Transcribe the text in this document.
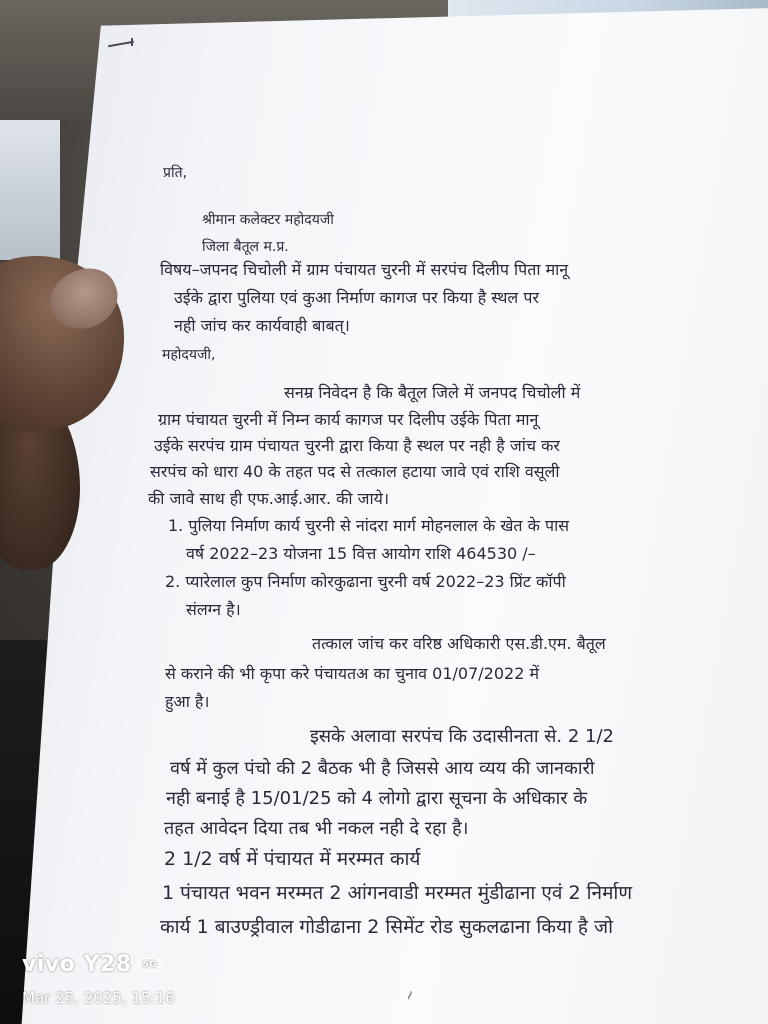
प्रति,
श्रीमान कलेक्टर महोदयजी
जिला बैतूल म.प्र.
विषय–जपनद चिचोली में ग्राम पंचायत चुरनी में सरपंच दिलीप पिता मानू
उईके द्वारा पुलिया एवं कुआ निर्माण कागज पर किया है स्थल पर
नही जांच कर कार्यवाही बाबत्।
महोदयजी,
सनम्र निवेदन है कि बैतूल जिले में जनपद चिचोली में
ग्राम पंचायत चुरनी में निम्न कार्य कागज पर दिलीप उईके पिता मानू
उईके सरपंच ग्राम पंचायत चुरनी द्वारा किया है स्थल पर नही है जांच कर
सरपंच को धारा 40 के तहत पद से तत्काल हटाया जावे एवं राशि वसूली
की जावे साथ ही एफ.आई.आर. की जाये।
1. पुलिया निर्माण कार्य चुरनी से नांदरा मार्ग मोहनलाल के खेत के पास
वर्ष 2022–23 योजना 15 वित्त आयोग राशि 464530 /–
2. प्यारेलाल कुप निर्माण कोरकुढाना चुरनी वर्ष 2022–23 प्रिंट कॉपी
संलग्न है।
तत्काल जांच कर वरिष्ठ अधिकारी एस.डी.एम. बैतूल
से कराने की भी कृपा करे पंचायतअ का चुनाव 01/07/2022 में
हुआ है।
इसके अलावा सरपंच कि उदासीनता से. 2 1/2
वर्ष में कुल पंचो की 2 बैठक भी है जिससे आय व्यय की जानकारी
नही बनाई है 15/01/25 को 4 लोगो द्वारा सूचना के अधिकार के
तहत आवेदन दिया तब भी नकल नही दे रहा है।
2 1/2 वर्ष में पंचायत में मरम्मत कार्य
1 पंचायत भवन मरम्मत 2 आंगनवाडी मरम्मत मुंडीढाना एवं 2 निर्माण
कार्य 1 बाउण्ड्रीवाल गोडीढाना 2 सिमेंट रोड सुकलढाना किया है जो
~
vivo Y28	5G
Mar 25, 2025, 15:16
